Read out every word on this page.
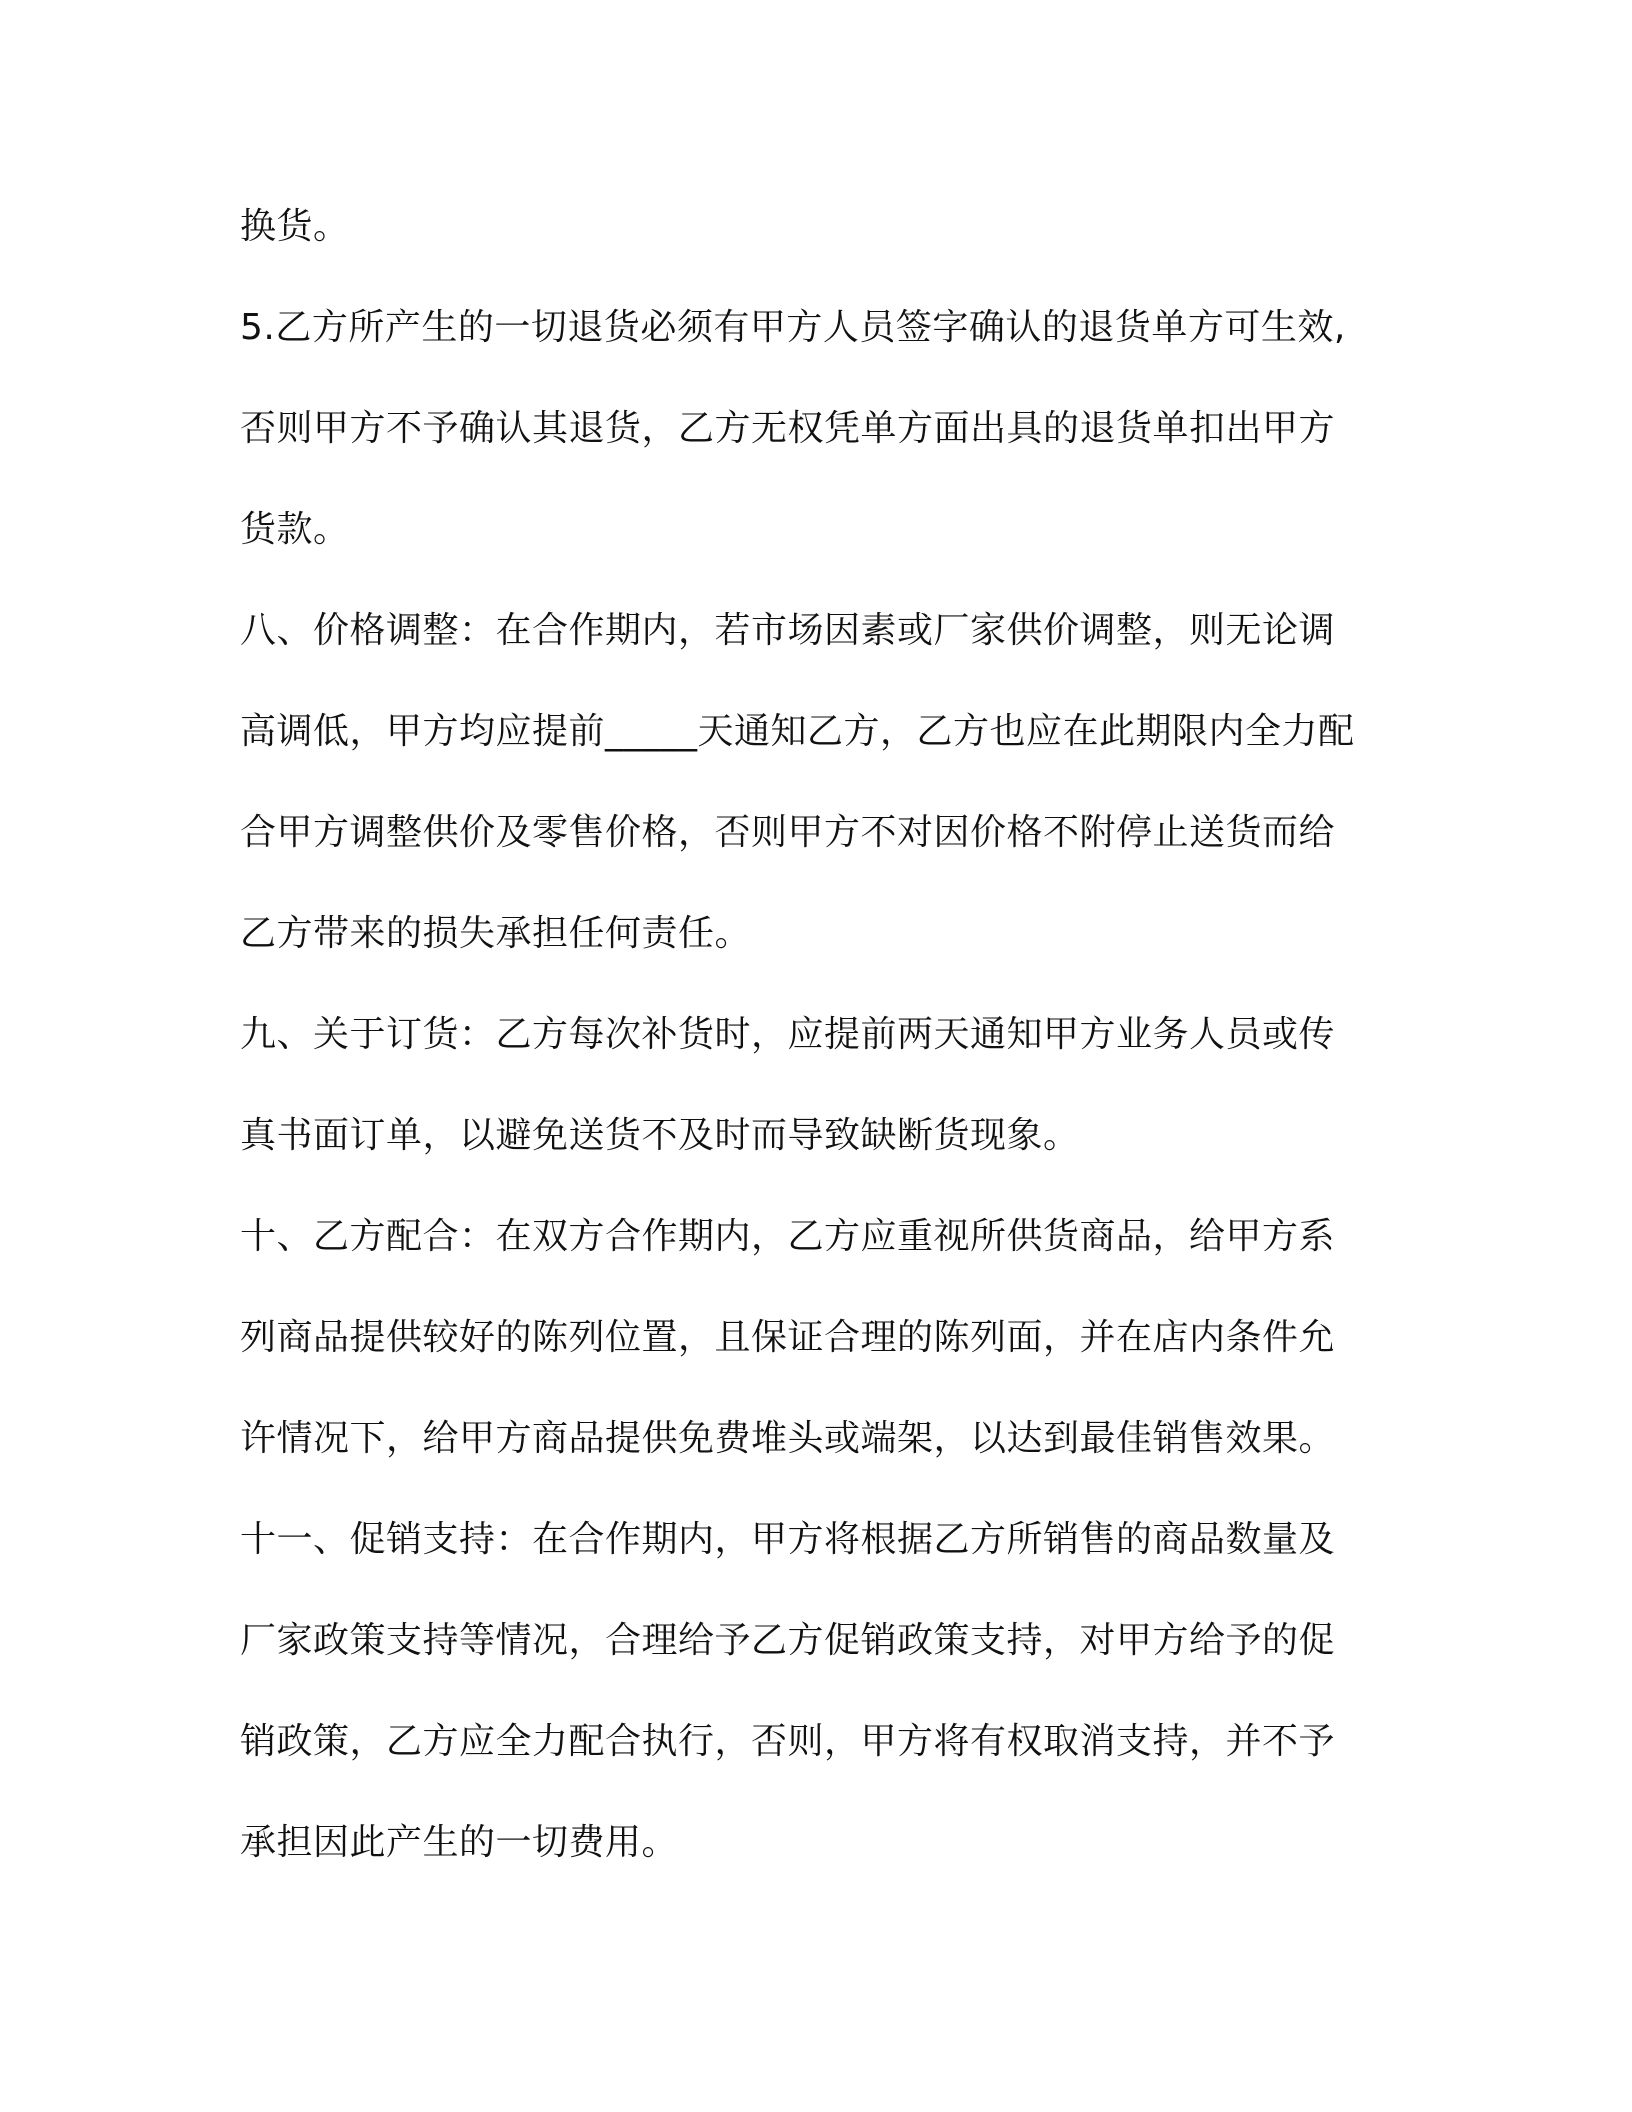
换货。
5.乙方所产生的一切退货必须有甲方人员签字确认的退货单方可生效,
否则甲方不予确认其退货，乙方无权凭单方面出具的退货单扣出甲方
货款。
八、价格调整：在合作期内，若市场因素或厂家供价调整，则无论调
高调低，甲方均应提前_____天通知乙方，乙方也应在此期限内全力配
合甲方调整供价及零售价格，否则甲方不对因价格不附停止送货而给
乙方带来的损失承担任何责任。
九、关于订货：乙方每次补货时，应提前两天通知甲方业务人员或传
真书面订单，以避免送货不及时而导致缺断货现象。
十、乙方配合：在双方合作期内，乙方应重视所供货商品，给甲方系
列商品提供较好的陈列位置，且保证合理的陈列面，并在店内条件允
许情况下，给甲方商品提供免费堆头或端架，以达到最佳销售效果。
十一、促销支持：在合作期内，甲方将根据乙方所销售的商品数量及
厂家政策支持等情况，合理给予乙方促销政策支持，对甲方给予的促
销政策，乙方应全力配合执行，否则，甲方将有权取消支持，并不予
承担因此产生的一切费用。
